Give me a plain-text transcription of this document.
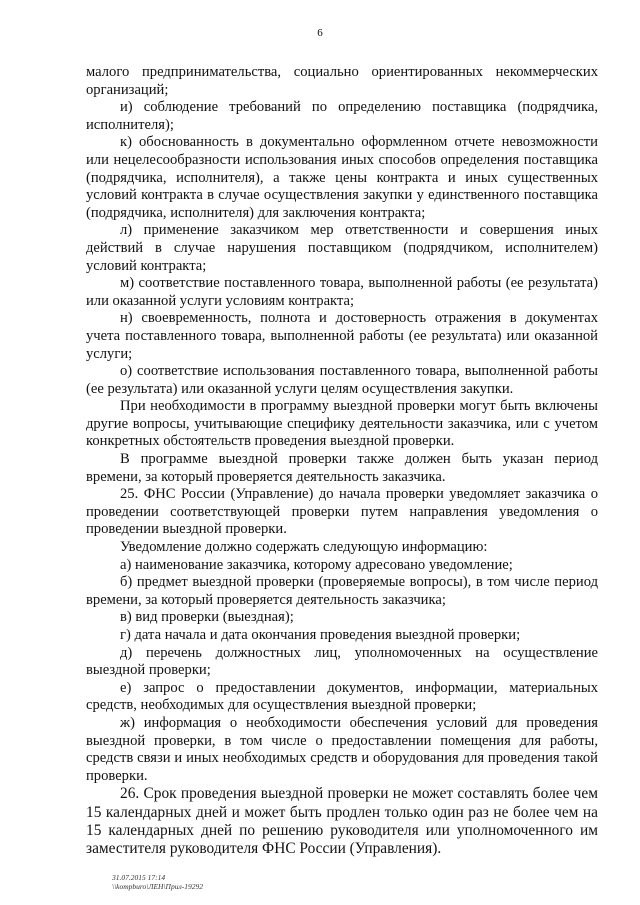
6

малого предпринимательства, социально ориентированных некоммерческих организаций;

и) соблюдение требований по определению поставщика (подрядчика, исполнителя);

к) обоснованность в документально оформленном отчете невозможности или нецелесообразности использования иных способов определения поставщика (подрядчика, исполнителя), а также цены контракта и иных существенных условий контракта в случае осуществления закупки у единственного поставщика (подрядчика, исполнителя) для заключения контракта;

л) применение заказчиком мер ответственности и совершения иных действий в случае нарушения поставщиком (подрядчиком, исполнителем) условий контракта;

м) соответствие поставленного товара, выполненной работы (ее результата) или оказанной услуги условиям контракта;

н) своевременность, полнота и достоверность отражения в документах учета поставленного товара, выполненной работы (ее результата) или оказанной услуги;

о) соответствие использования поставленного товара, выполненной работы (ее результата) или оказанной услуги целям осуществления закупки.

При необходимости в программу выездной проверки могут быть включены другие вопросы, учитывающие специфику деятельности заказчика, или с учетом конкретных обстоятельств проведения выездной проверки.

В программе выездной проверки также должен быть указан период времени, за который проверяется деятельность заказчика.

25. ФНС России (Управление) до начала проверки уведомляет заказчика о проведении соответствующей проверки путем направления уведомления о проведении выездной проверки.

Уведомление должно содержать следующую информацию:

а) наименование заказчика, которому адресовано уведомление;

б) предмет выездной проверки (проверяемые вопросы), в том числе период времени, за который проверяется деятельность заказчика;

в) вид проверки (выездная);

г) дата начала и дата окончания проведения выездной проверки;

д) перечень должностных лиц, уполномоченных на осуществление выездной проверки;

е) запрос о предоставлении документов, информации, материальных средств, необходимых для осуществления выездной проверки;

ж) информация о необходимости обеспечения условий для проведения выездной проверки, в том числе о предоставлении помещения для работы, средств связи и иных необходимых средств и оборудования для проведения такой проверки.

26. Срок проведения выездной проверки не может составлять более чем 15 календарных дней и может быть продлен только один раз не более чем на 15 календарных дней по решению руководителя или уполномоченного им заместителя руководителя ФНС России (Управления).

31.07.2015 17:14
\\kompburo\ЛЕН\Прил-19292
